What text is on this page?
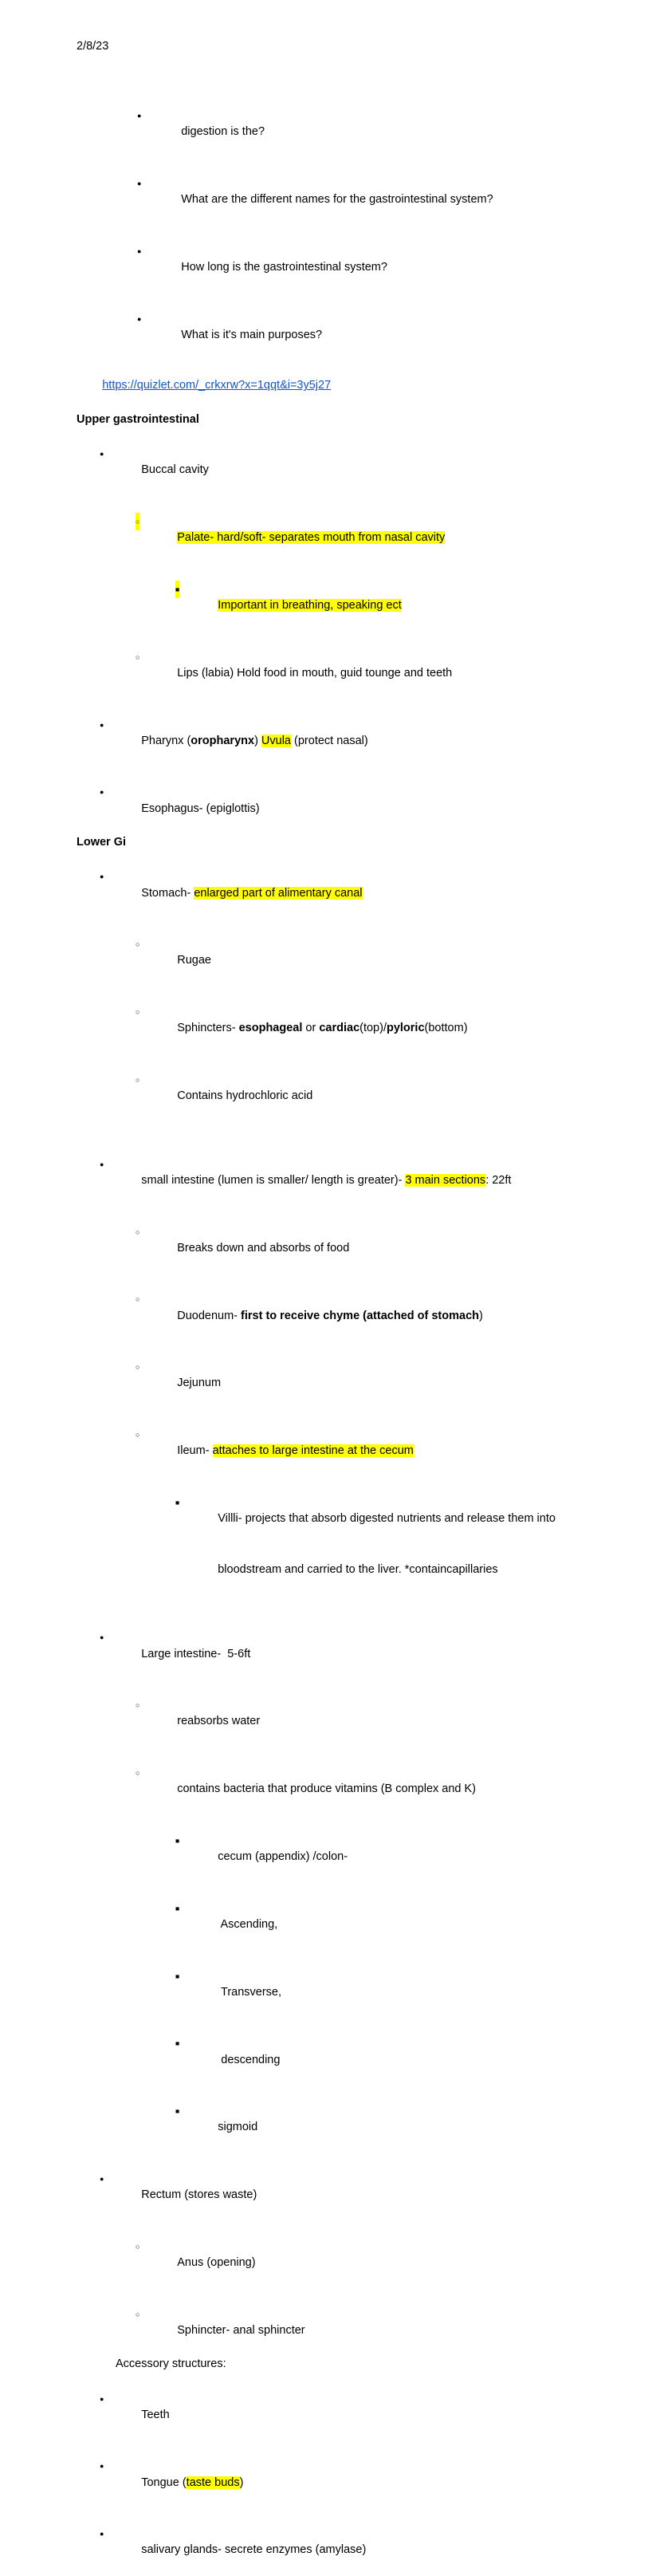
2/8/23

●

digestion is the?

●

What are the different names for the gastrointestinal system?

●

How long is the gastrointestinal system?

●

What is it's main purposes?

https://quizlet.com/_crkxrw?x=1qqt&i=3y5j27

Upper gastrointestinal

●

Buccal cavity

○

Palate- hard/soft- separates mouth from nasal cavity

■

Important in breathing, speaking ect

○

Lips (labia) Hold food in mouth, guid tounge and teeth

●

Pharynx (oropharynx) Uvula (protect nasal)

●

Esophagus- (epiglottis)

Lower Gi

●

Stomach- enlarged part of alimentary canal

○

Rugae

○

Sphincters- esophageal or cardiac(top)/pyloric(bottom)

○

Contains hydrochloric acid

●

small intestine (lumen is smaller/ length is greater)- 3 main sections: 22ft

○

Breaks down and absorbs of food

○

Duodenum- first to receive chyme (attached of stomach)

○

Jejunum

○

Ileum- attaches to large intestine at the cecum

■

Villli- projects that absorb digested nutrients and release them into

bloodstream and carried to the liver. *containcapillaries

●

Large intestine-  5-6ft

○

reabsorbs water

○

contains bacteria that produce vitamins (B complex and K)

■

cecum (appendix) /colon-

■

Ascending,

■

Transverse,

■

descending

■

sigmoid

●

Rectum (stores waste)

○

Anus (opening)

○

Sphincter- anal sphincter

Accessory structures:

●

Teeth

●

Tongue (taste buds)

●

salivary glands- secrete enzymes (amylase)
